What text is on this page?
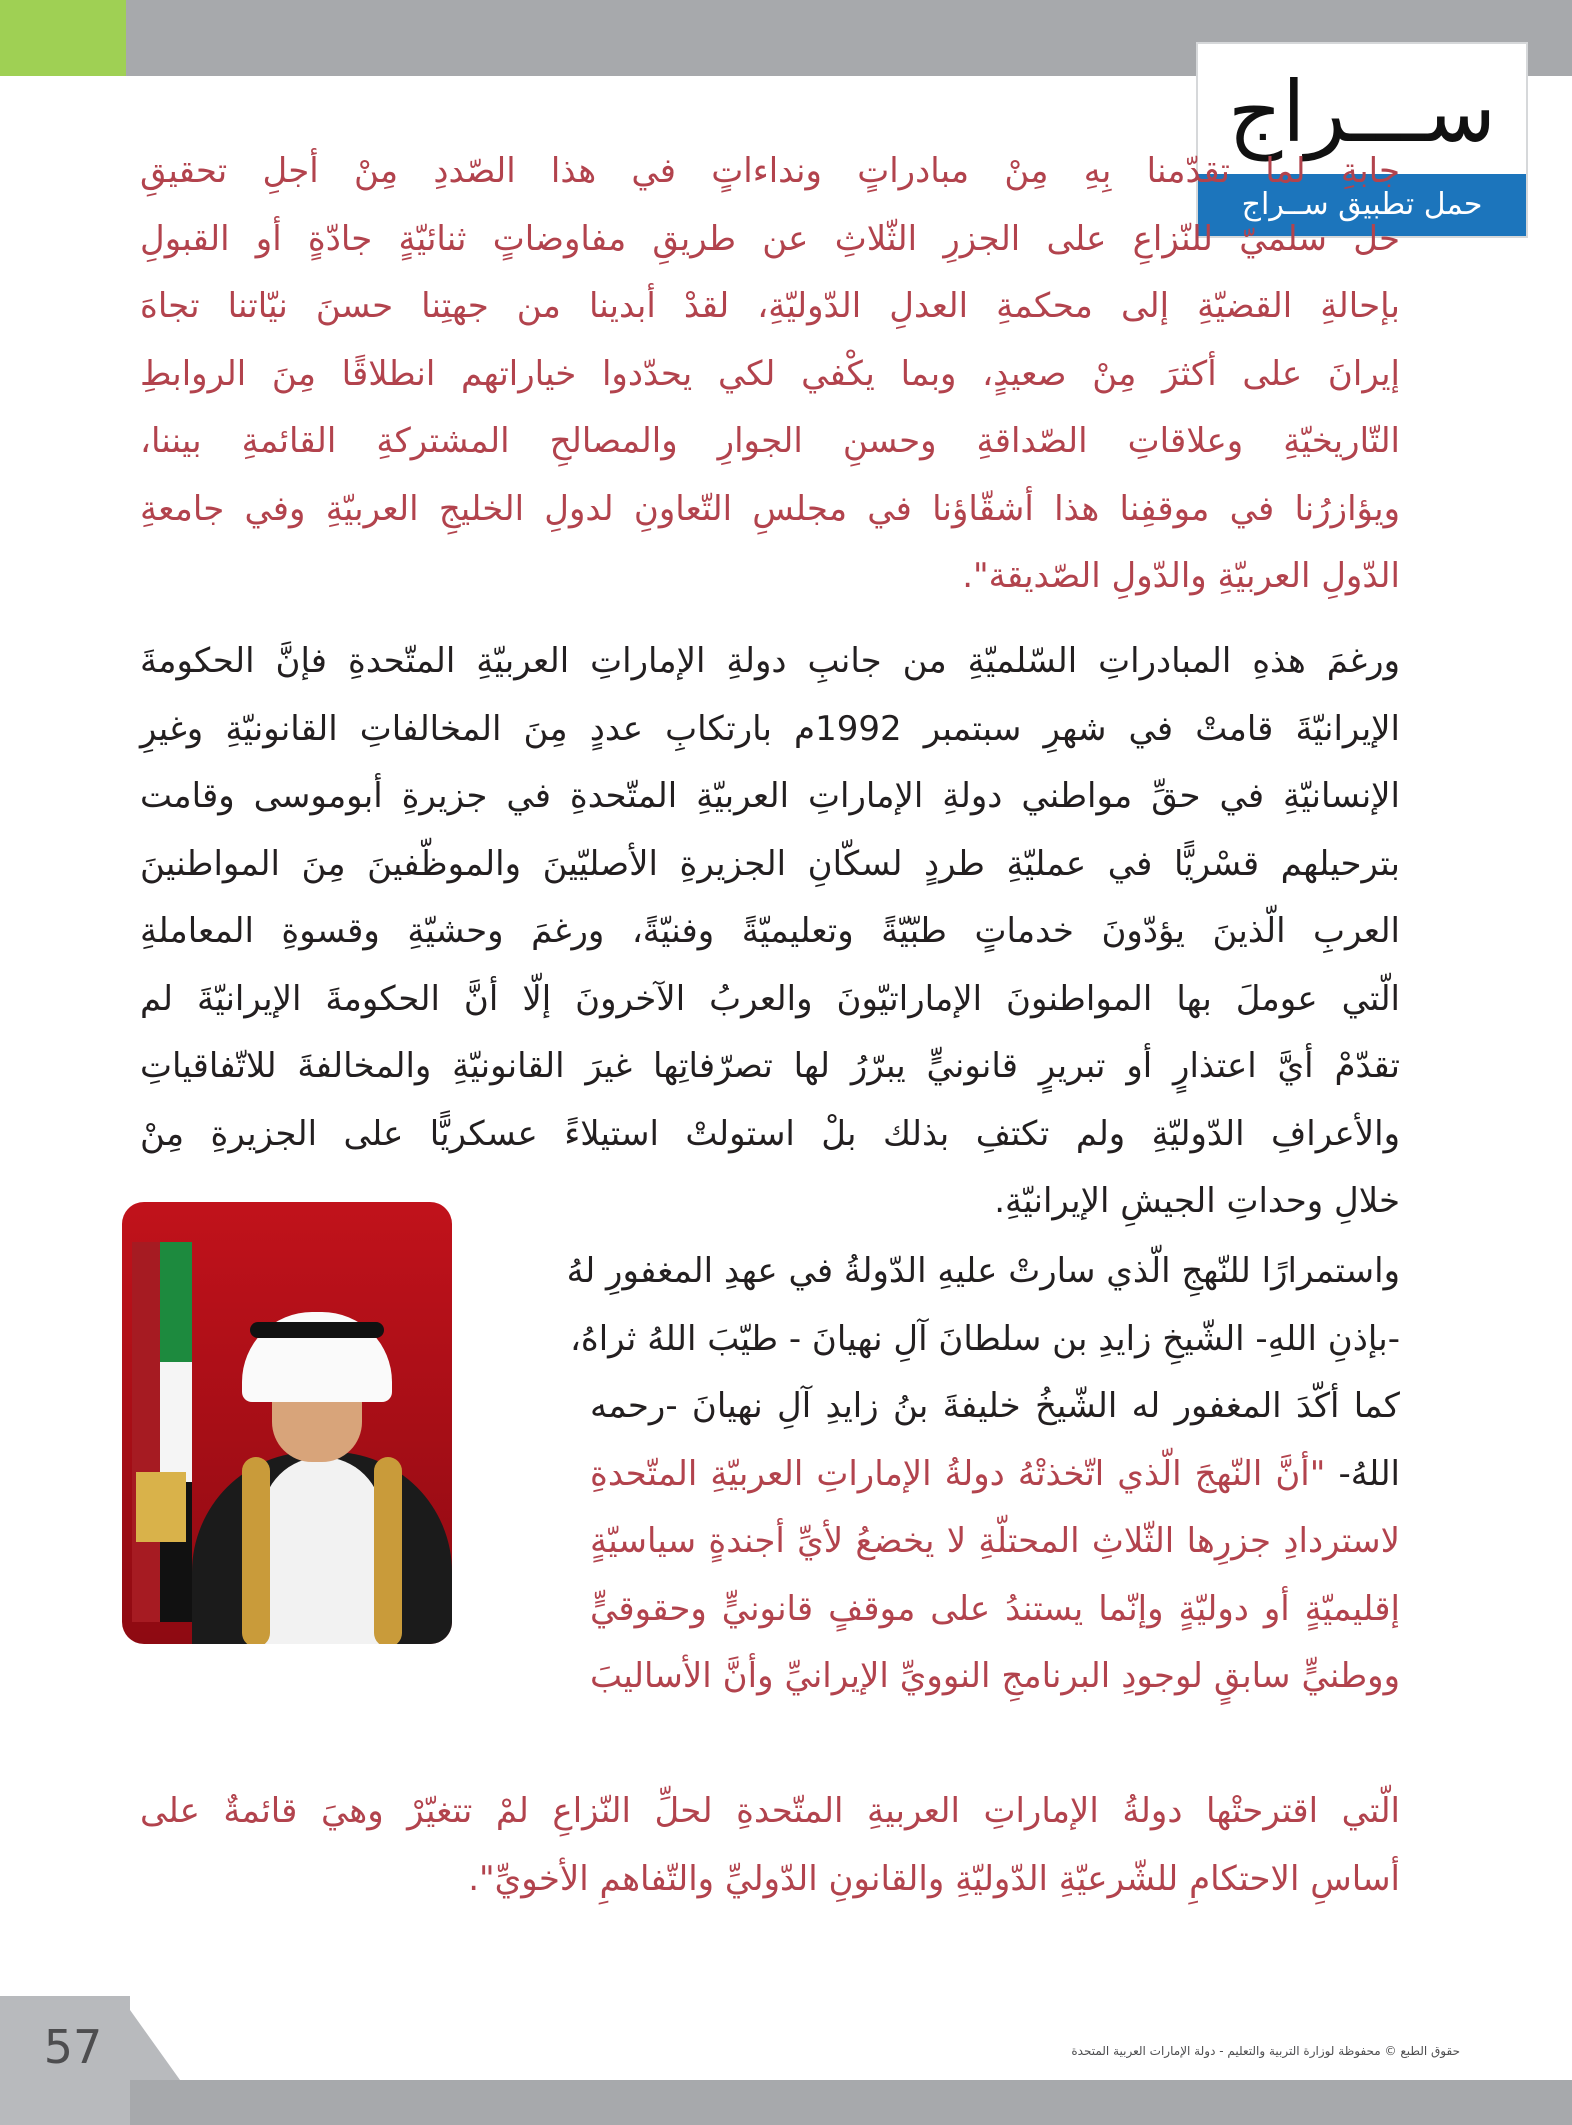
ســـراج
حمل تطبيق ســراج
جابةِ لما تقدّمنا بِهِ مِنْ مبادراتٍ ونداءاتٍ في هذا الصّددِ مِنْ أجلِ تحقيقِ
حل سلميّ للنّزاعِ على الجزرِ الثّلاثِ عن طريقِ مفاوضاتٍ ثنائيّةٍ جادّةٍ أو القبولِ
بإحالةِ القضيّةِ إلى محكمةِ العدلِ الدّوليّةِ، لقدْ أبدينا من جهتِنا حسنَ نيّاتنا تجاهَ
إيرانَ على أكثرَ مِنْ صعيدٍ، وبما يكْفي لكي يحدّدوا خياراتهم انطلاقًا مِنَ الروابطِ
التّاريخيّةِ وعلاقاتِ الصّداقةِ وحسنِ الجوارِ والمصالحِ المشتركةِ القائمةِ بيننا،
ويؤازرُنا في موقفِنا هذا أشقّاؤنا في مجلسِ التّعاونِ لدولِ الخليجِ العربيّةِ وفي جامعةِ
الدّولِ العربيّةِ والدّولِ الصّديقة".
ورغمَ هذهِ المبادراتِ السّلميّةِ من جانبِ دولةِ الإماراتِ العربيّةِ المتّحدةِ فإنَّ الحكومةَ
الإيرانيّةَ قامتْ في شهرِ سبتمبر 1992م بارتكابِ عددٍ مِنَ المخالفاتِ القانونيّةِ وغيرِ
الإنسانيّةِ في حقِّ مواطني دولةِ الإماراتِ العربيّةِ المتّحدةِ في جزيرةِ أبوموسى وقامت
بترحيلهم قسْريًّا في عمليّةِ طردٍ لسكّانِ الجزيرةِ الأصليّينَ والموظّفينَ مِنَ المواطنينَ
العربِ الّذينَ يؤدّونَ خدماتٍ طبّيّةً وتعليميّةً وفنيّةً، ورغمَ وحشيّةِ وقسوةِ المعاملةِ
الّتي عوملَ بها المواطنونَ الإماراتيّونَ والعربُ الآخرونَ إلّا أنَّ الحكومةَ الإيرانيّةَ لم
تقدّمْ أيَّ اعتذارٍ أو تبريرٍ قانونيٍّ يبرّرُ لها تصرّفاتِها غيرَ القانونيّةِ والمخالفةَ للاتّفاقياتِ
والأعرافِ الدّوليّةِ ولم تكتفِ بذلك بلْ استولتْ استيلاءً عسكريًّا على الجزيرةِ مِنْ
خلالِ وحداتِ الجيشِ الإيرانيّةِ.
واستمرارًا للنّهجِ الّذي سارتْ عليهِ الدّولةُ في عهدِ المغفورِ لهُ
-بإذنِ اللهِ- الشّيخِ زايدِ بن سلطانَ آلِ نهيانَ - طيّبَ اللهُ ثراهُ،
كما أكّدَ المغفور له الشّيخُ خليفةَ بنُ زايدِ آلِ نهيانَ -رحمه
اللهُ- "أنَّ النّهجَ الّذي اتّخذتْهُ دولةُ الإماراتِ العربيّةِ المتّحدةِ
لاستردادِ جزرِها الثّلاثِ المحتلّةِ لا يخضعُ لأيِّ أجندةٍ سياسيّةٍ
إقليميّةٍ أو دوليّةٍ وإنّما يستندُ على موقفٍ قانونيٍّ وحقوقيٍّ
ووطنيٍّ سابقٍ لوجودِ البرنامجِ النوويِّ الإيرانيِّ وأنَّ الأساليبَ
الّتي اقترحتْها دولةُ الإماراتِ العربيةِ المتّحدةِ لحلِّ النّزاعِ لمْ تتغيّرْ وهيَ قائمةٌ على
أساسِ الاحتكامِ للشّرعيّةِ الدّوليّةِ والقانونِ الدّوليِّ والتّفاهمِ الأخويِّ".
57	حقوق الطبع © محفوظة لوزارة التربية والتعليم - دولة الإمارات العربية المتحدة
